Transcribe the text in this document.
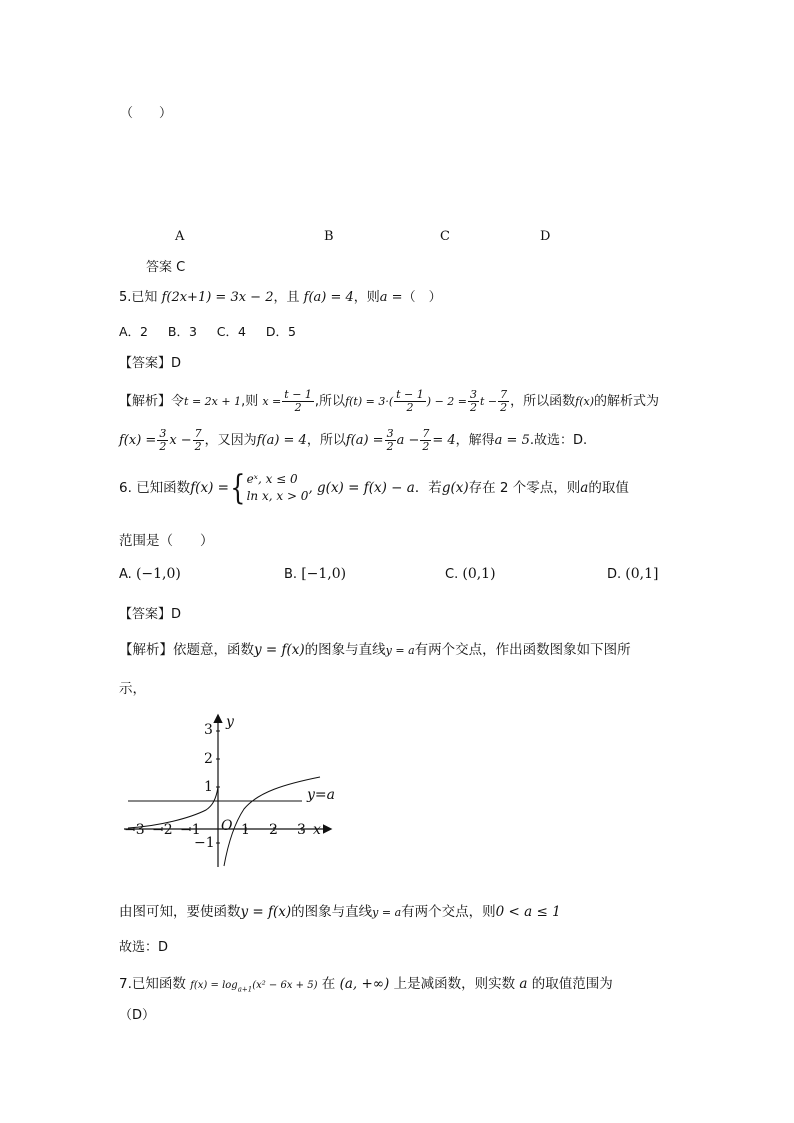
（　　）
A	B	C	D
答案 C
5.已知 f(2x+1) = 3x − 2，且 f(a) = 4，则a =（　）
A．2 B．3 C．4 D．5
【答案】D
【解析】令t = 2x + 1,则 $x = \frac{t - 1}{2}$ ,所以$f(t) = 3\cdot( \frac{t - 1}{2}$ ) − $2 = \frac{3}{2}$ $t - \frac{7}{2}$ ，所以函数f(x)的解析式为
$f(x) = \frac{3}{2}$ $x - \frac{7}{2}$ ，又因为f(a) = 4，所以$f(a) = \frac{3}{2}$ $a - \frac{7}{2} = 4$，解得a = 5.故选：D.
6. 已知函数f(x) ={ eˣ, x ≤ 0
ln x, x > 0 , g(x) = f(x) − a．若g(x)存在 2 个零点，则a的取值
范围是（　　）
A. (−1,0)	B. [−1,0)	C. (0,1)	D. (0,1]
【答案】D
【解析】依题意，函数y = f(x)的图象与直线y = a有两个交点，作出函数图象如下图所
示，
y
x
y=a
O
−3 −2 −1	1 2 3
3
2
1
−1
由图可知，要使函数y = f(x)的图象与直线y = a有两个交点，则0 < a ≤ 1
故选：D
7.已知函数 $f(x) = \log_{a+1}(x^2 - 6x + 5)$ 在 (a, +∞) 上是减函数，则实数 a 的取值范围为
（D）
